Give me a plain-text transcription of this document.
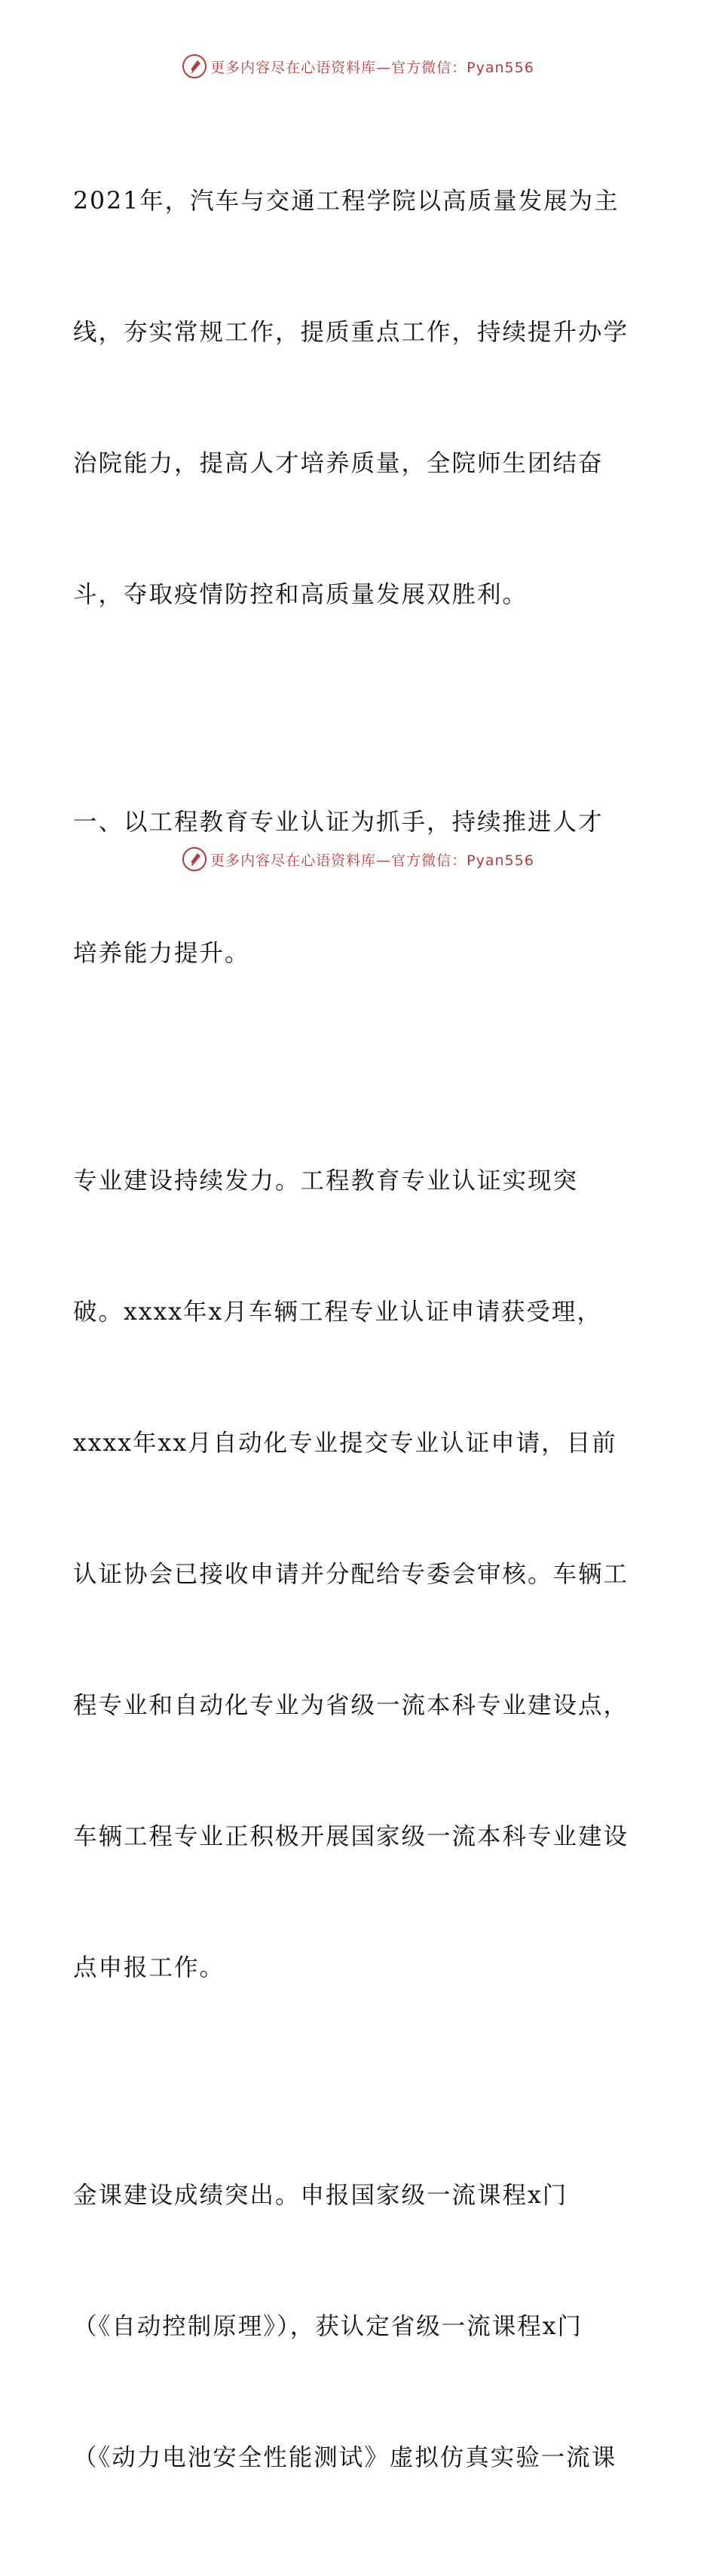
更多内容尽在心语资料库—官方微信：Pyan556

2021年，汽车与交通工程学院以高质量发展为主

线，夯实常规工作，提质重点工作，持续提升办学

治院能力，提高人才培养质量，全院师生团结奋

斗，夺取疫情防控和高质量发展双胜利。

一、以工程教育专业认证为抓手，持续推进人才

培养能力提升。

专业建设持续发力。工程教育专业认证实现突

破。xxxx年x月车辆工程专业认证申请获受理，

xxxx年xx月自动化专业提交专业认证申请，目前

认证协会已接收申请并分配给专委会审核。车辆工

程专业和自动化专业为省级一流本科专业建设点，

车辆工程专业正积极开展国家级一流本科专业建设

点申报工作。

金课建设成绩突出。申报国家级一流课程x门

（《自动控制原理》），获认定省级一流课程x门

（《动力电池安全性能测试》虚拟仿真实验一流课

更多内容尽在心语资料库—官方微信：Pyan556
